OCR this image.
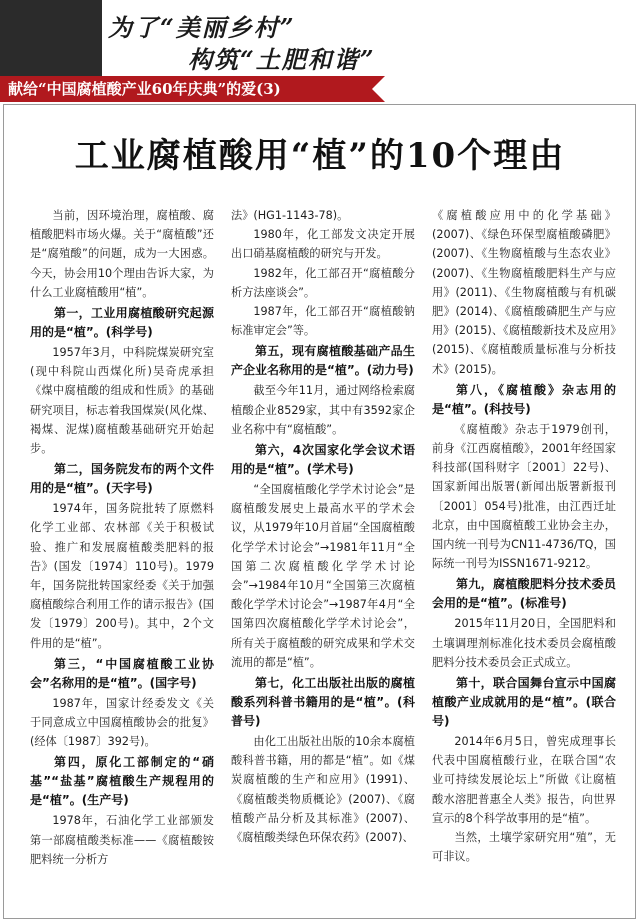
为了“美丽乡村”
构筑“土肥和谐”
献给“中国腐植酸产业60年庆典”的爱(3)
工业腐植酸用“植”的10个理由

当前，因环境治理，腐植酸、腐植酸肥料市场火爆。关于“腐植酸”还是“腐殖酸”的问题，成为一大困惑。今天，协会用10个理由告诉大家，为什么工业腐植酸用“植”。

第一，工业用腐植酸研究起源用的是“植”。(科学号)

1957年3月，中科院煤炭研究室(现中科院山西煤化所)吴奇虎承担《煤中腐植酸的组成和性质》的基础研究项目，标志着我国煤炭(风化煤、褐煤、泥煤)腐植酸基础研究开始起步。

第二，国务院发布的两个文件用的是“植”。(天字号)

1974年，国务院批转了原燃料化学工业部、农林部《关于积极试验、推广和发展腐植酸类肥料的报告》(国发〔1974〕110号)。1979年，国务院批转国家经委《关于加强腐植酸综合利用工作的请示报告》(国发〔1979〕200号)。其中，2个文件用的是“植”。

第三，“中国腐植酸工业协会”名称用的是“植”。(国字号)

1987年，国家计经委发文《关于同意成立中国腐植酸协会的批复》(经体〔1987〕392号)。

第四，原化工部制定的“硝基”“盐基”腐植酸生产规程用的是“植”。(生产号)

1978年，石油化学工业部颁发第一部腐植酸类标准——《腐植酸铵肥料统一分析方

法》(HG1-1143-78)。

1980年，化工部发文决定开展出口硝基腐植酸的研究与开发。

1982年，化工部召开“腐植酸分析方法座谈会”。

1987年，化工部召开“腐植酸钠标准审定会”等。

第五，现有腐植酸基础产品生产企业名称用的是“植”。(动力号)

截至今年11月，通过网络检索腐植酸企业8529家，其中有3592家企业名称中有“腐植酸”。

第六，4次国家化学会议术语用的是“植”。(学术号)

“全国腐植酸化学学术讨论会”是腐植酸发展史上最高水平的学术会议，从1979年10月首届“全国腐植酸化学学术讨论会”→1981年11月“全国第二次腐植酸化学学术讨论会”→1984年10月“全国第三次腐植酸化学学术讨论会”→1987年4月“全国第四次腐植酸化学学术讨论会”，所有关于腐植酸的研究成果和学术交流用的都是“植”。

第七，化工出版社出版的腐植酸系列科普书籍用的是“植”。(科普号)

由化工出版社出版的10余本腐植酸科普书籍，用的都是“植”。如《煤炭腐植酸的生产和应用》(1991)、《腐植酸类物质概论》(2007)、《腐植酸产品分析及其标准》(2007)、《腐植酸类绿色环保农药》(2007)、

《腐植酸应用中的化学基础》(2007)、《绿色环保型腐植酸磷肥》(2007)、《生物腐植酸与生态农业》(2007)、《生物腐植酸肥料生产与应用》(2011)、《生物腐植酸与有机碳肥》(2014)、《腐植酸磷肥生产与应用》(2015)、《腐植酸新技术及应用》(2015)、《腐植酸质量标准与分析技术》(2015)。

第八，《腐植酸》杂志用的是“植”。(科技号)

《腐植酸》杂志于1979创刊，前身《江西腐植酸》，2001年经国家科技部(国科财字〔2001〕22号)、国家新闻出版署(新闻出版署新报刊〔2001〕054号)批准，由江西迁址北京，由中国腐植酸工业协会主办，国内统一刊号为CN11-4736/TQ，国际统一刊号为ISSN1671-9212。

第九，腐植酸肥料分技术委员会用的是“植”。(标准号)

2015年11月20日，全国肥料和土壤调理剂标准化技术委员会腐植酸肥料分技术委员会正式成立。

第十，联合国舞台宣示中国腐植酸产业成就用的是“植”。(联合号)

2014年6月5日，曾宪成理事长代表中国腐植酸行业，在联合国“农业可持续发展论坛上”所做《让腐植酸水溶肥普惠全人类》报告，向世界宣示的8个科学故事用的是“植”。

当然，土壤学家研究用“殖”，无可非议。
